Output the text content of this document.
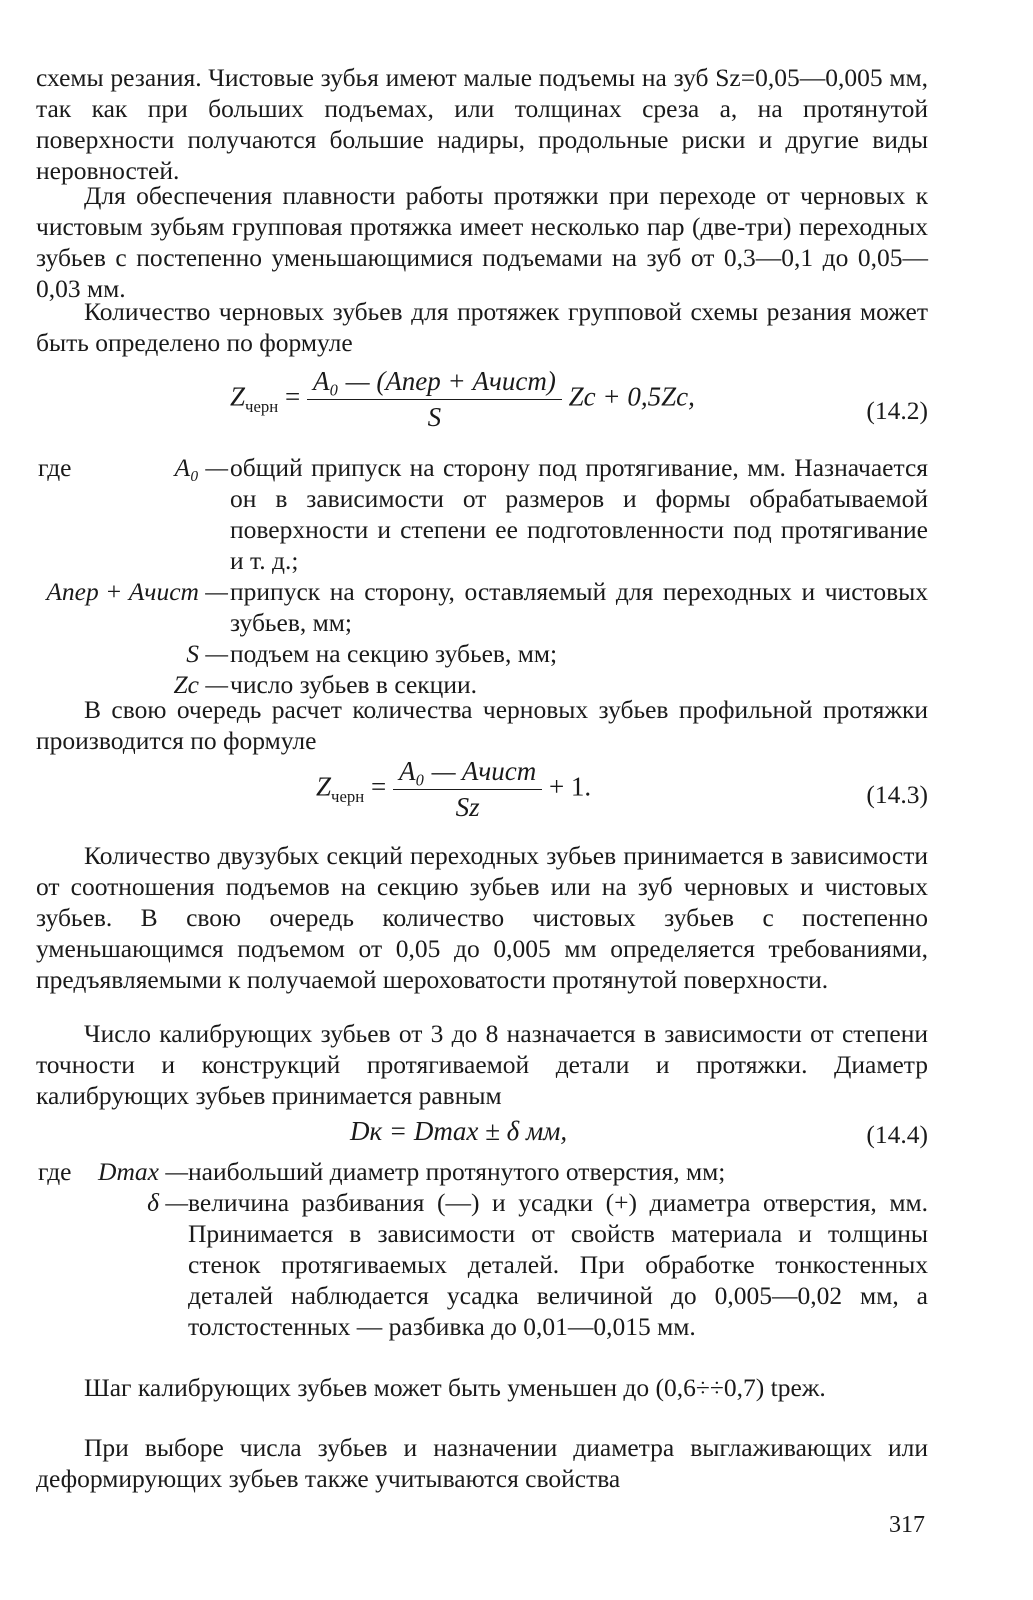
схемы резания. Чистовые зубья имеют малые подъемы на зуб Sz=0,05—0,005 мм, так как при больших подъемах, или толщинах среза a, на протянутой поверхности получаются большие надиры, продольные риски и другие виды неровностей.

Для обеспечения плавности работы протяжки при переходе от черновых к чистовым зубьям групповая протяжка имеет несколько пар (две-три) переходных зубьев с постепенно уменьшающимися подъемами на зуб от 0,3—0,1 до 0,05—0,03 мм.

Количество черновых зубьев для протяжек групповой схемы резания может быть определено по формуле

$Z_{черн} = \frac{\text{A₀ — (Aпер + Aчист)}}{S}$ Zc + 0,5Zc,	(14.2)
где	A₀ — общий припуск на сторону под протягивание, мм. Назначается он в зависимости от размеров и формы обрабатываемой поверхности и степени ее подготовленности под протягивание и т. д.;
Aпер + Aчист — припуск на сторону, оставляемый для переходных и чистовых зубьев, мм;
S — подъем на секцию зубьев, мм;
Zc — число зубьев в секции.

В свою очередь расчет количества черновых зубьев профильной протяжки производится по формуле

$Z_{черн} = \frac{\text{A₀ — Aчист}}{Sz} + 1$.	(14.3)

Количество двузубых секций переходных зубьев принимается в зависимости от соотношения подъемов на секцию зубьев или на зуб черновых и чистовых зубьев. В свою очередь количество чистовых зубьев с постепенно уменьшающимся подъемом от 0,05 до 0,005 мм определяется требованиями, предъявляемыми к получаемой шероховатости протянутой поверхности.

Число калибрующих зубьев от 3 до 8 назначается в зависимости от степени точности и конструкций протягиваемой детали и протяжки. Диаметр калибрующих зубьев принимается равным

Dк = Dmax ± δ мм,	(14.4)
где Dmax — наибольший диаметр протянутого отверстия, мм;
δ — величина разбивания (—) и усадки (+) диаметра отверстия, мм. Принимается в зависимости от свойств материала и толщины стенок протягиваемых деталей. При обработке тонкостенных деталей наблюдается усадка величиной до 0,005—0,02 мм, а толстостенных — разбивка до 0,01—0,015 мм.

Шаг калибрующих зубьев может быть уменьшен до (0,6÷÷0,7) tреж.

При выборе числа зубьев и назначении диаметра выглаживающих или деформирующих зубьев также учитываются свойства

317
